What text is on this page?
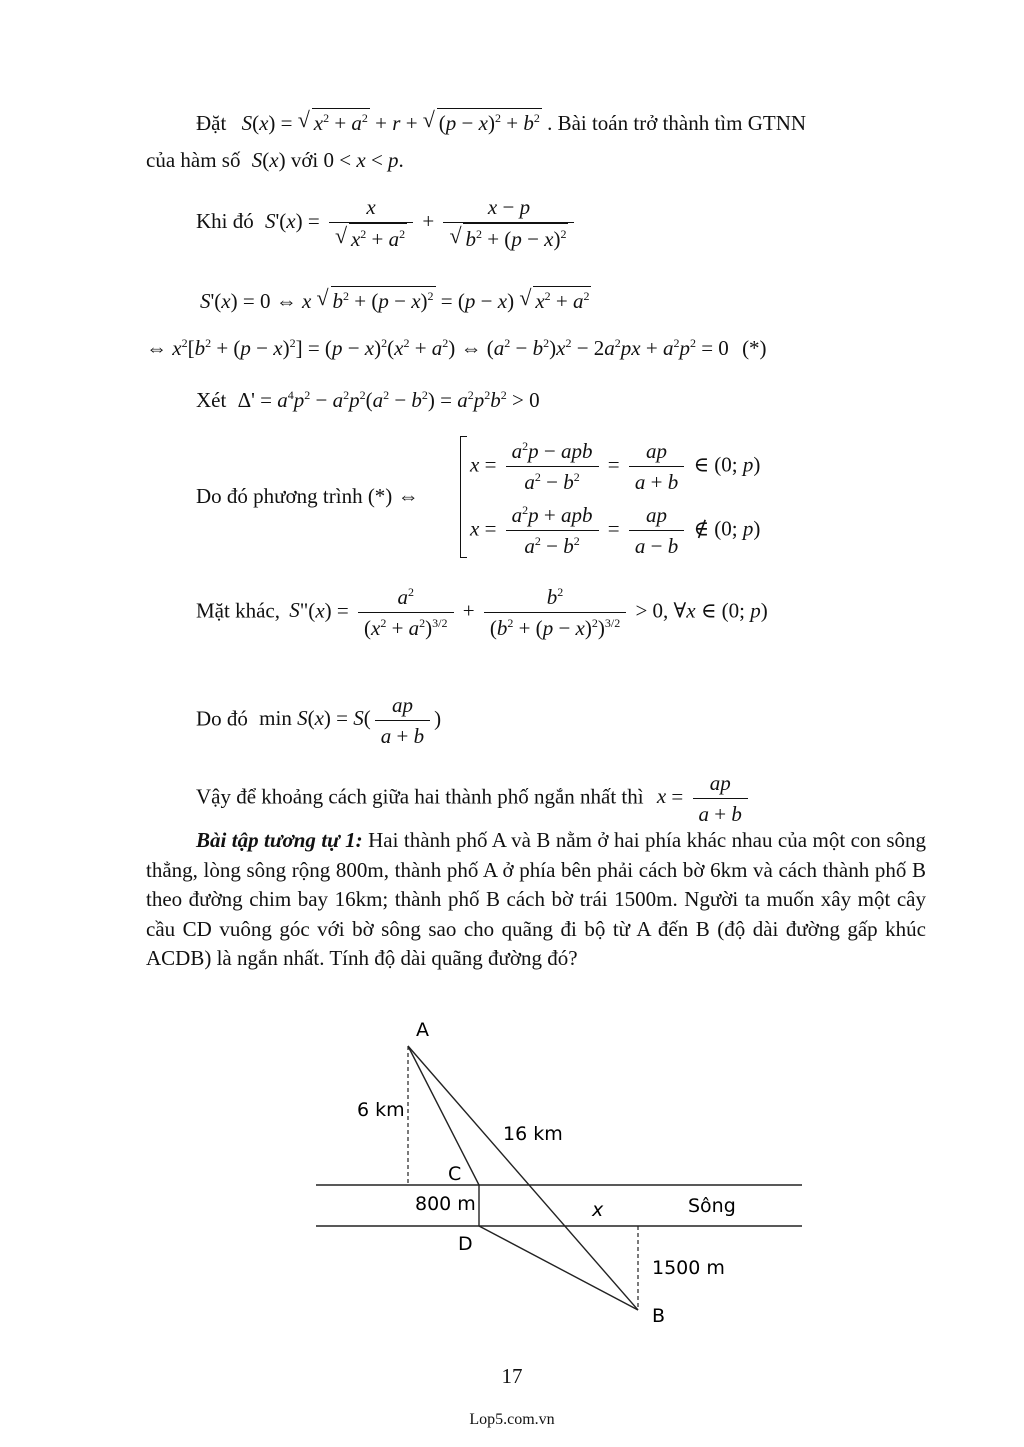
Đặt S(x) = √ $x^2 + a^2 + r$ + √ $(p - x)^2 + b^2$ . Bài toán trở thành tìm GTNN
của hàm số S(x) với 0 < x < p.
Khi đó S'(x) = x
√ $x^2 + a^2 + x - p$
√ $b^2 + (p - x)^2$
S'(x) = 0 ⇔ x √ $b^2 + (p - x)^2 = (p - x)$ √ $x^2 + a^2$
⇔ $x^2[b^2 + (p - x)^2] = (p - x)^2(x^2 + a^2)$ ⇔ $(a^2 - b^2)x^2 - 2a^2px + a^2p^2 = 0$ (*)
Xét $\Delta' = a^4p^2 - a^2p^2(a^2 - b^2) = a^2p^2b^2 > 0$
Do đó phương trình (*) ⇔
$x = \frac{a^2p - apb}{a^2 - b^2} = \frac{ap}{a + b}$ ∈ (0; p)
$x = \frac{a^2p + apb}{a^2 - b^2} = \frac{ap}{a - b}$ ∉ (0; p)
Mặt khác, S"(x) = $\frac{a^2}{(x^2 + a^2)^{3/2}} + \frac{b^2}{(b^2 + (p - x)^2)^{3/2}} > 0$, ∀x ∈ (0; p)
Do đó $\min S(x) = S( \frac{ap}{a + b}$ )
Vậy để khoảng cách giữa hai thành phố ngắn nhất thì $x = \frac{ap}{a + b}$
Bài tập tương tự 1: Hai thành phố A và B nằm ở hai phía khác nhau của một con sông thẳng, lòng sông rộng 800m, thành phố A ở phía bên phải cách bờ 6km và cách thành phố B theo đường chim bay 16km; thành phố B cách bờ trái 1500m. Người ta muốn xây một cây cầu CD vuông góc với bờ sông sao cho quãng đi bộ từ A đến B (độ dài đường gấp khúc ACDB) là ngắn nhất. Tính độ dài quãng đường đó?
A
B
C
D
6 km
16 km
800 m	x	Sông
1500 m
17
Lop5.com.vn
